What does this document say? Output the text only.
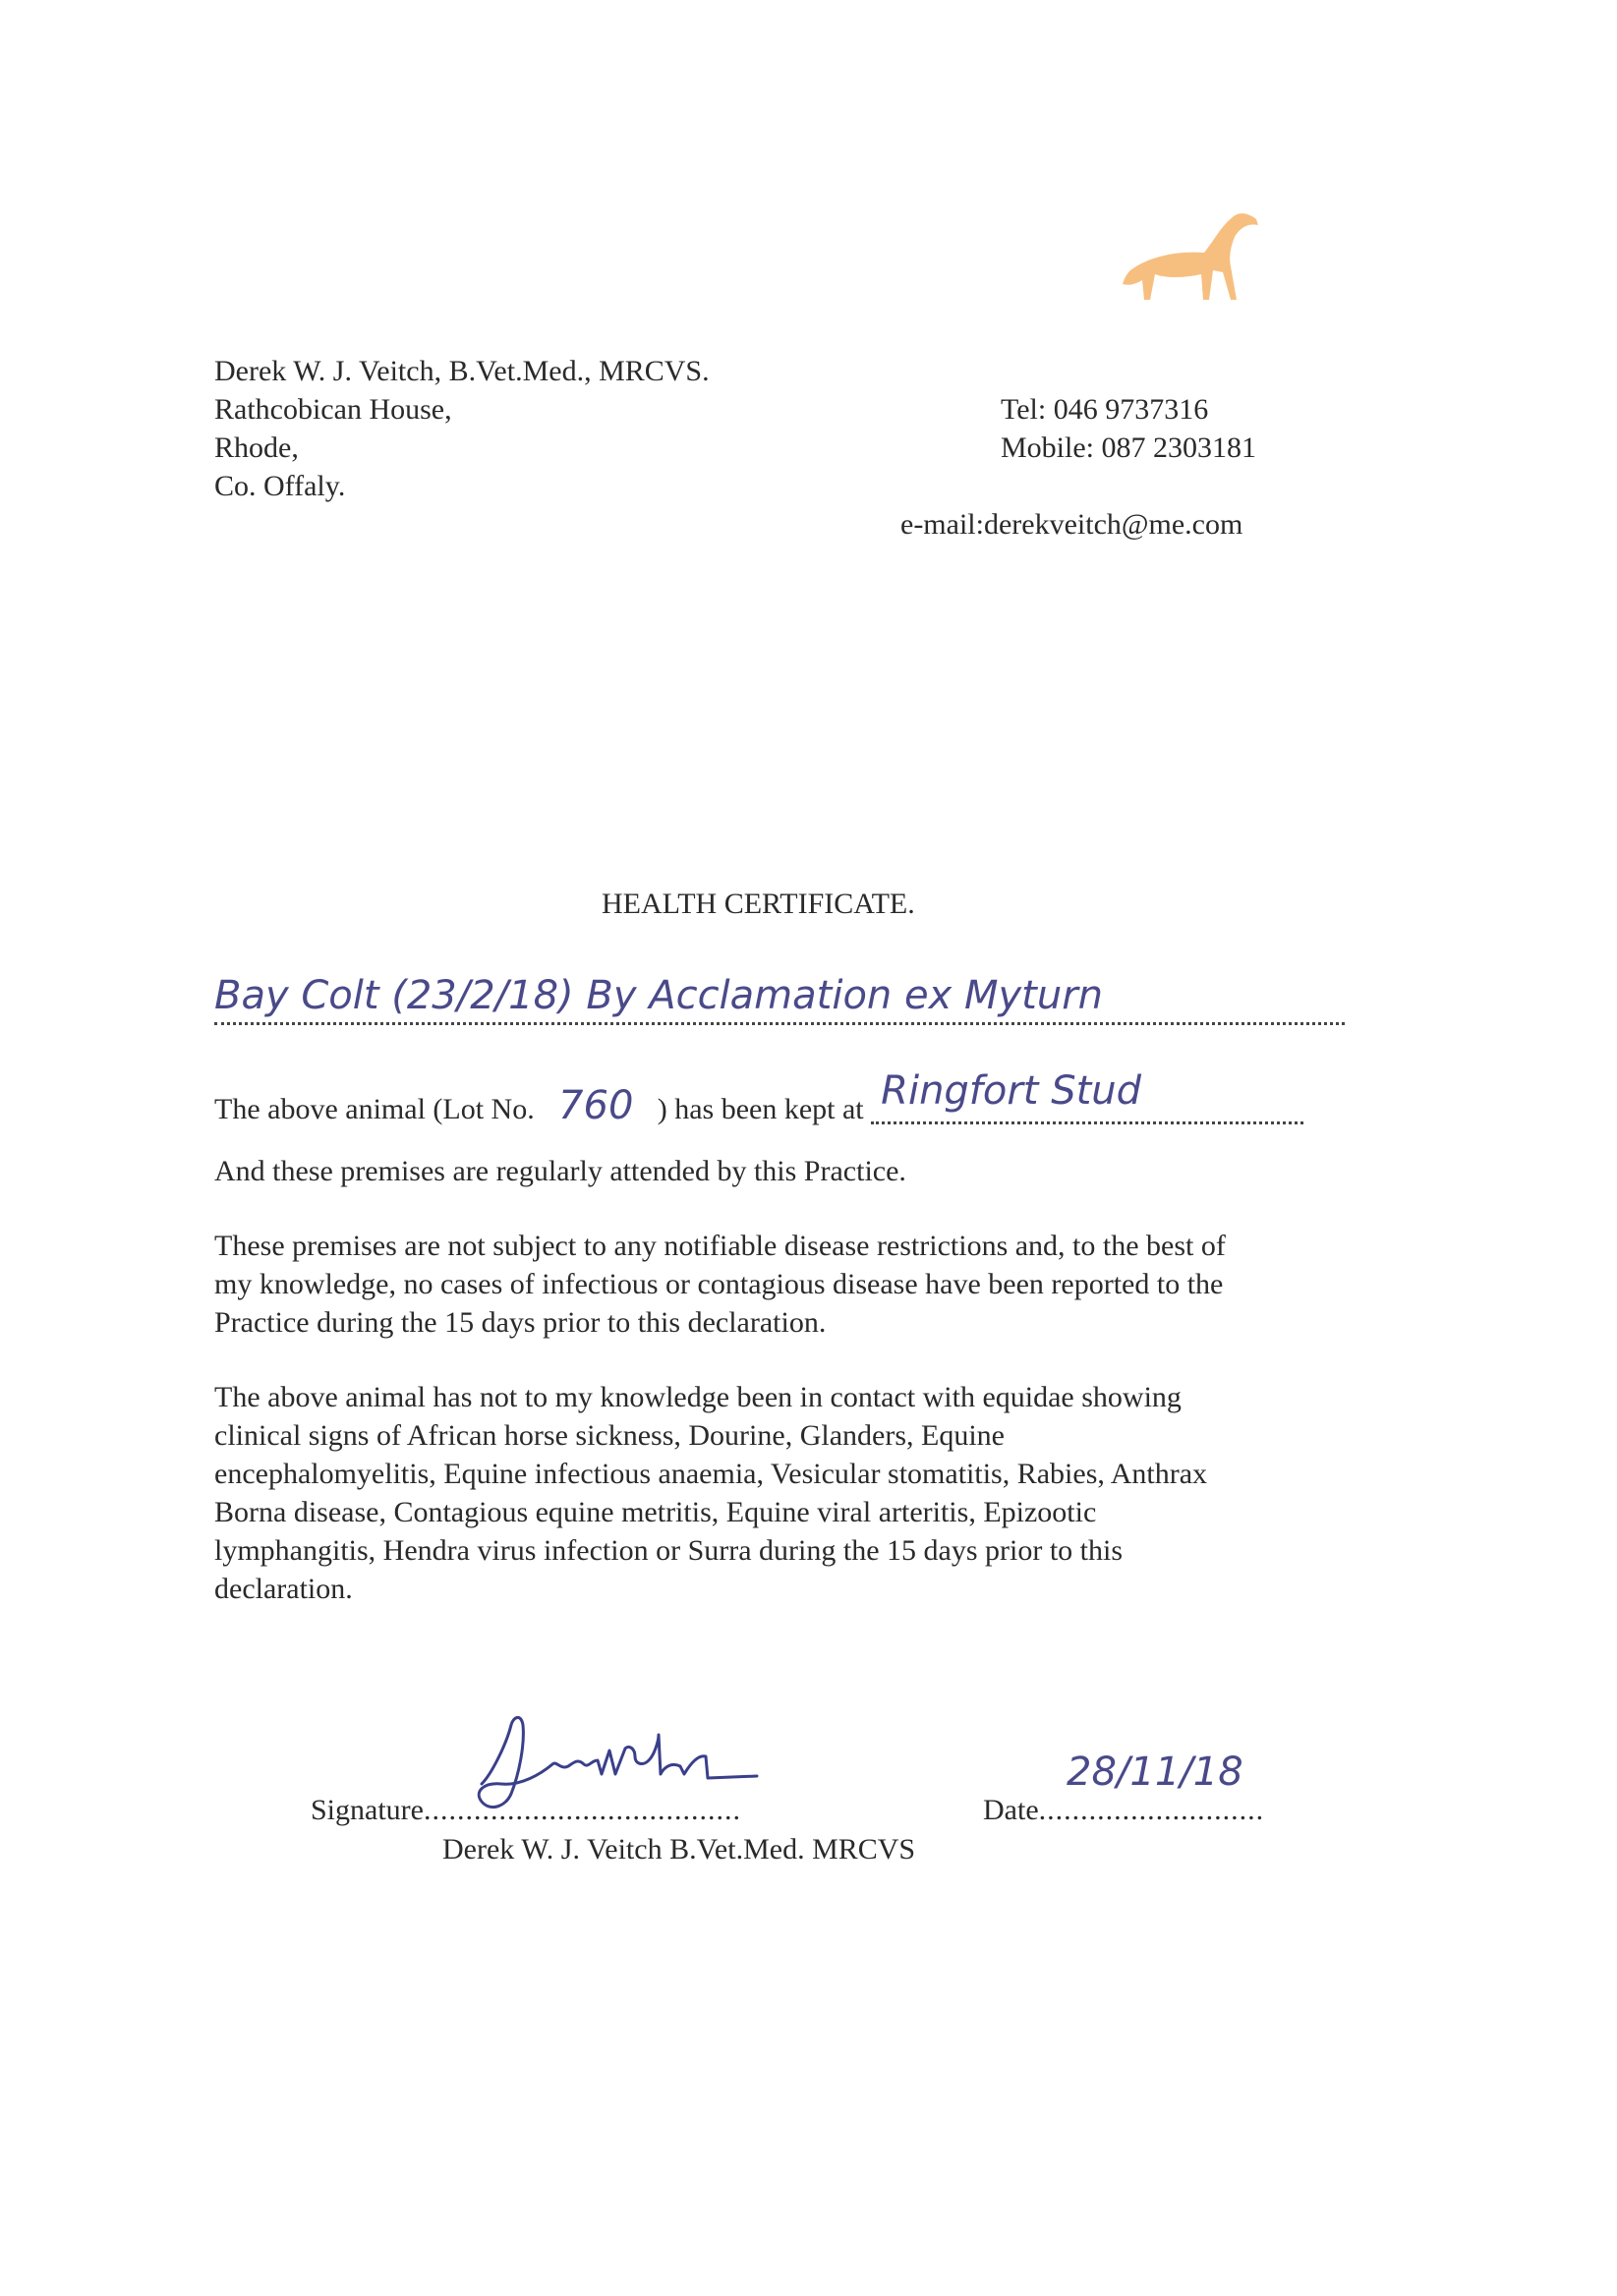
Derek W. J. Veitch, B.Vet.Med., MRCVS.
Rathcobican House,
Rhode,
Co. Offaly.
Tel: 046 9737316
Mobile: 087 2303181
e-mail:derekveitch@me.com
HEALTH CERTIFICATE.
Bay Colt (23/2/18) By Acclamation ex Myturn
The above animal (Lot No. 760 ) has been kept at Ringfort Stud
And these premises are regularly attended by this Practice.
These premises are not subject to any notifiable disease restrictions and, to the best of
my knowledge, no cases of infectious or contagious disease have been reported to the
Practice during the 15 days prior to this declaration.
The above animal has not to my knowledge been in contact with equidae showing
clinical signs of African horse sickness, Dourine, Glanders, Equine
encephalomyelitis, Equine infectious anaemia, Vesicular stomatitis, Rabies, Anthrax
Borna disease, Contagious equine metritis, Equine viral arteritis, Epizootic
lymphangitis, Hendra virus infection or Surra during the 15 days prior to this
declaration.
Signature......................................
28/11/18
Date...........................
Derek W. J. Veitch B.Vet.Med. MRCVS
